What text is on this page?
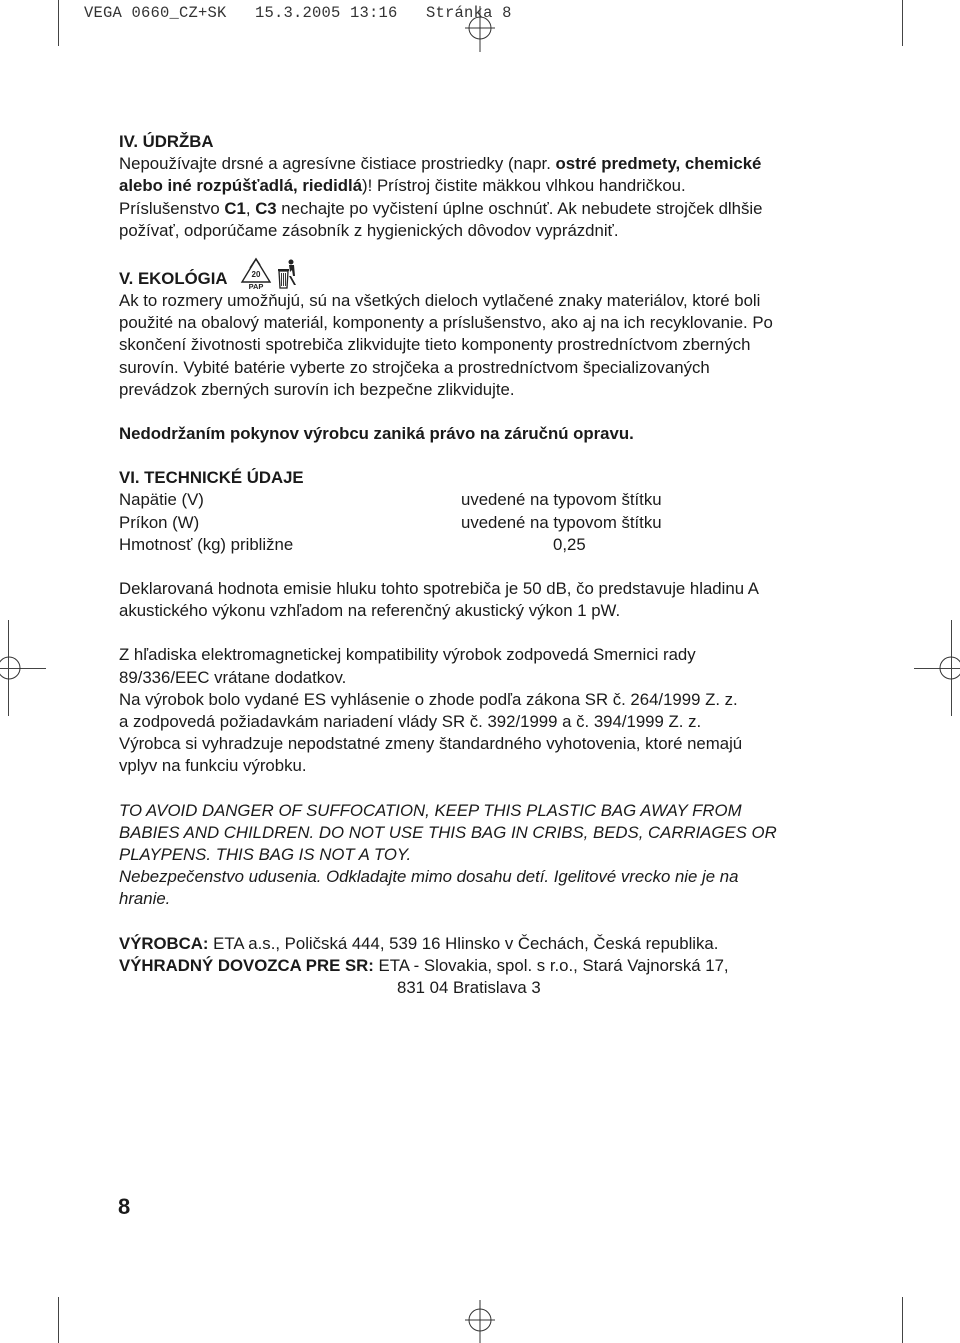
VEGA 0660_CZ+SK   15.3.2005 13:16   Stránka 8

IV. ÚDRŽBA

Nepoužívajte drsné a agresívne čistiace prostriedky (napr. ostré predmety, chemické

alebo iné rozpúšťadlá, riedidlá)! Prístroj čistite mäkkou vlhkou handričkou.

Príslušenstvo C1, C3 nechajte po vyčistení úplne oschnúť. Ak nebudete strojček dlhšie

požívať, odporúčame zásobník z hygienických dôvodov vyprázdniť.

V. EKOLÓGIA	20
PAP

Ak to rozmery umožňujú, sú na všetkých dieloch vytlačené znaky materiálov, ktoré boli

použité na obalový materiál, komponenty a príslušenstvo, ako aj na ich recyklovanie. Po

skončení životnosti spotrebiča zlikvidujte tieto komponenty prostredníctvom zberných

surovín. Vybité batérie vyberte zo strojčeka a prostredníctvom špecializovaných

prevádzok zberných surovín ich bezpečne zlikvidujte.

Nedodržaním pokynov výrobcu zaniká právo na záručnú opravu.

VI. TECHNICKÉ ÚDAJE

Napätie (V)	uvedené na typovom štítku
Príkon (W)	uvedené na typovom štítku
Hmotnosť (kg) približne	0,25

Deklarovaná hodnota emisie hluku tohto spotrebiča je 50 dB, čo predstavuje hladinu A

akustického výkonu vzhľadom na referenčný akustický výkon 1 pW.

Z hľadiska elektromagnetickej kompatibility výrobok zodpovedá Smernici rady

89/336/EEC vrátane dodatkov.

Na výrobok bolo vydané ES vyhlásenie o zhode podľa zákona SR č. 264/1999 Z. z.

a zodpovedá požiadavkám nariadení vlády SR č. 392/1999 a č. 394/1999 Z. z.

Výrobca si vyhradzuje nepodstatné zmeny štandardného vyhotovenia, ktoré nemajú

vplyv na funkciu výrobku.

TO AVOID DANGER OF SUFFOCATION, KEEP THIS PLASTIC BAG AWAY FROM

BABIES AND CHILDREN. DO NOT USE THIS BAG IN CRIBS, BEDS, CARRIAGES OR

PLAYPENS. THIS BAG IS NOT A TOY.

Nebezpečenstvo udusenia. Odkladajte mimo dosahu detí. Igelitové vrecko nie je na

hranie.

VÝROBCA: ETA a.s., Poličská 444, 539 16 Hlinsko v Čechách, Česká republika.

VÝHRADNÝ DOVOZCA PRE SR: ETA - Slovakia, spol. s r.o., Stará Vajnorská 17,

831 04 Bratislava 3

8
